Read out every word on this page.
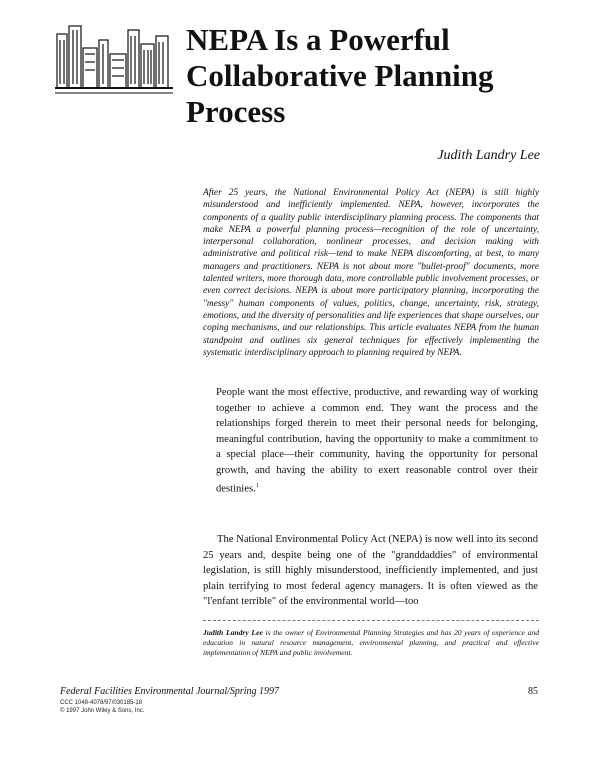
NEPA Is a Powerful
Collaborative Planning
Process
Judith Landry Lee

After 25 years, the National Environmental Policy Act (NEPA) is still highly misunderstood and inefficiently implemented. NEPA, however, incorporates the components of a quality public interdisciplinary planning process. The components that make NEPA a powerful planning process—recognition of the role of uncertainty, interpersonal collaboration, nonlinear processes, and decision making with administrative and political risk—tend to make NEPA discomforting, at best, to many managers and practitioners. NEPA is not about more "bullet-proof" documents, more talented writers, more thorough data, more controllable public involvement processes, or even correct decisions. NEPA is about more participatory planning, incorporating the "messy" human components of values, politics, change, uncertainty, risk, strategy, emotions, and the diversity of personalities and life experiences that shape ourselves, our coping mechanisms, and our relationships. This article evaluates NEPA from the human standpoint and outlines six general techniques for effectively implementing the systematic interdisciplinary approach to planning required by NEPA.

People want the most effective, productive, and rewarding way of working together to achieve a common end. They want the process and the relationships forged therein to meet their personal needs for belonging, meaningful contribution, having the opportunity to make a commitment to a special place—their community, having the opportunity for personal growth, and having the ability to exert reasonable control over their destinies.$^1$

The National Environmental Policy Act (NEPA) is now well into its second 25 years and, despite being one of the "granddaddies" of environmental legislation, is still highly misunderstood, inefficiently implemented, and just plain terrifying to most federal agency managers. It is often viewed as the "l'enfant terrible" of the environmental world—too

Judith Landry Lee is the owner of Environmental Planning Strategies and has 20 years of experience and education in natural resource management, environmental planning, and practical and effective implementation of NEPA and public involvement.

Federal Facilities Environmental Journal/Spring 1997	85
CCC 1048-4078/97/030185-18
© 1997 John Wiley & Sons, Inc.
